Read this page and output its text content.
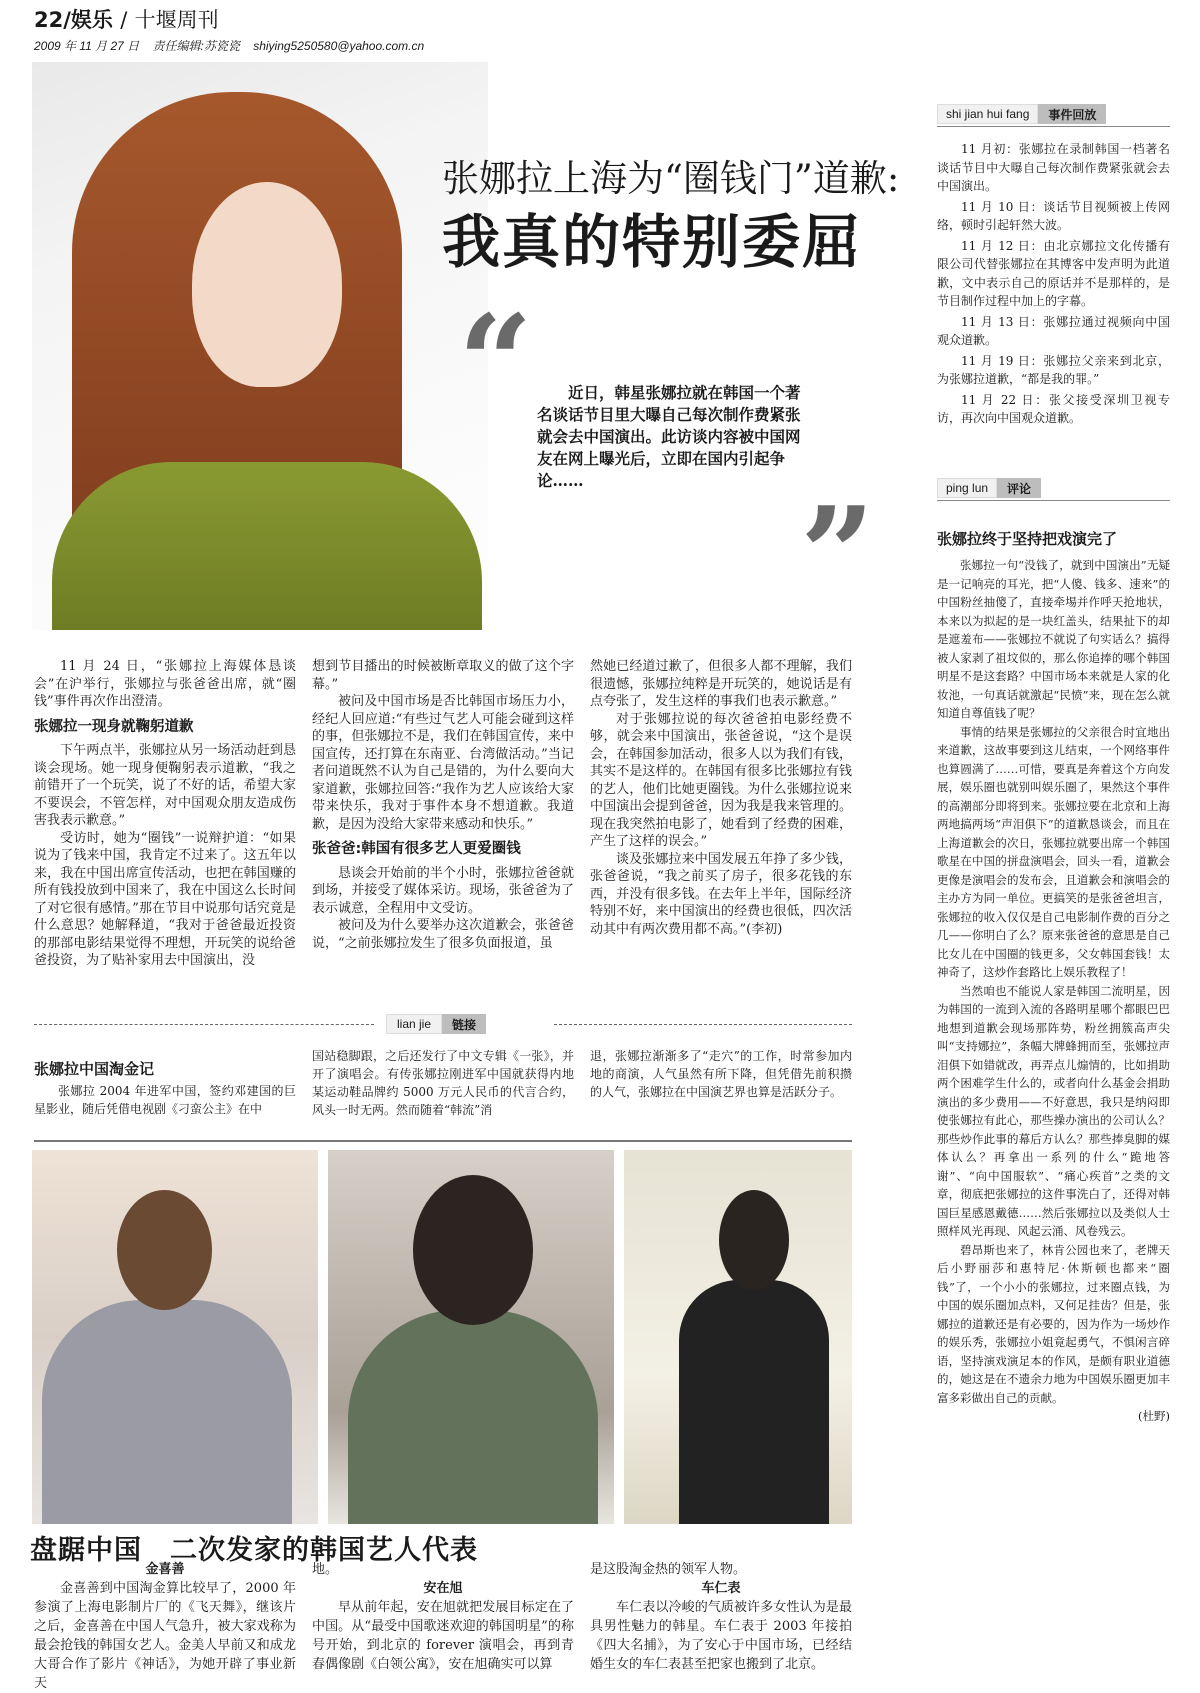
22/娱乐 / 十堰周刊
2009 年 11 月 27 日 责任编辑:苏瓷瓷 shiying5250580@yahoo.com.cn
张娜拉上海为“圈钱门”道歉:
我真的特别委屈
“	近日，韩星张娜拉就在韩国一个著名谈话节目里大曝自己每次制作费紧张就会去中国演出。此访谈内容被中国网友在网上曝光后，立即在国内引起争论……	”

11 月 24 日，“张娜拉上海媒体恳谈会”在沪举行，张娜拉与张爸爸出席，就“圈钱”事件再次作出澄清。

张娜拉一现身就鞠躬道歉

下午两点半，张娜拉从另一场活动赶到恳谈会现场。她一现身便鞠躬表示道歉，“我之前错开了一个玩笑，说了不好的话，希望大家不要误会，不管怎样，对中国观众朋友造成伤害我表示歉意。”

受访时，她为“圈钱”一说辩护道：“如果说为了钱来中国，我肯定不过来了。这五年以来，我在中国出席宣传活动，也把在韩国赚的所有钱投放到中国来了，我在中国这么长时间了对它很有感情。”那在节目中说那句话究竟是什么意思？她解释道，“我对于爸爸最近投资的那部电影结果觉得不理想，开玩笑的说给爸爸投资，为了贴补家用去中国演出，没

想到节目播出的时候被断章取义的做了这个字幕。”

被问及中国市场是否比韩国市场压力小，经纪人回应道:“有些过气艺人可能会碰到这样的事，但张娜拉不是，我们在韩国宣传，来中国宣传，还打算在东南亚、台湾做活动。”当记者问道既然不认为自己是错的，为什么要向大家道歉，张娜拉回答:“我作为艺人应该给大家带来快乐，我对于事件本身不想道歉。我道歉，是因为没给大家带来感动和快乐。”

张爸爸:韩国有很多艺人更爱圈钱

恳谈会开始前的半个小时，张娜拉爸爸就到场，并接受了媒体采访。现场，张爸爸为了表示诚意，全程用中文受访。

被问及为什么要举办这次道歉会，张爸爸说，“之前张娜拉发生了很多负面报道，虽

然她已经道过歉了，但很多人都不理解，我们很遗憾，张娜拉纯粹是开玩笑的，她说话是有点夸张了，发生这样的事我们也表示歉意。”

对于张娜拉说的每次爸爸拍电影经费不够，就会来中国演出，张爸爸说，“这个是误会，在韩国参加活动，很多人以为我们有钱，其实不是这样的。在韩国有很多比张娜拉有钱的艺人，他们比她更圈钱。为什么张娜拉说来中国演出会提到爸爸，因为我是我来管理的。现在我突然拍电影了，她看到了经费的困难，产生了这样的误会。”

谈及张娜拉来中国发展五年挣了多少钱，张爸爸说，“我之前买了房子，很多花钱的东西，并没有很多钱。在去年上半年，国际经济特别不好，来中国演出的经费也很低，四次活动其中有两次费用都不高。”(李初)

lian jie	链接
张娜拉中国淘金记
张娜拉 2004 年进军中国，签约邓建国的巨星影业，随后凭借电视剧《刁蛮公主》在中
国站稳脚跟，之后还发行了中文专辑《一张》，并开了演唱会。有传张娜拉刚进军中国就获得内地某运动鞋品牌约 5000 万元人民币的代言合约，风头一时无两。然而随着“韩流”消
退，张娜拉渐渐多了“走穴”的工作，时常参加内地的商演，人气虽然有所下降，但凭借先前积攒的人气，张娜拉在中国演艺界也算是活跃分子。
盘踞中国　二次发家的韩国艺人代表
金喜善

金喜善到中国淘金算比较早了，2000 年参演了上海电影制片厂的《飞天舞》，继该片之后，金喜善在中国人气急升，被大家戏称为最会抢钱的韩国女艺人。金美人早前又和成龙大哥合作了影片《神话》，为她开辟了事业新天

地。

安在旭

早从前年起，安在旭就把发展目标定在了中国。从“最受中国歌迷欢迎的韩国明星”的称号开始，到北京的 forever 演唱会，再到青春偶像剧《白领公寓》，安在旭确实可以算

是这股淘金热的领军人物。

车仁表

车仁表以冷峻的气质被许多女性认为是最具男性魅力的韩星。车仁表于 2003 年接拍《四大名捕》，为了安心于中国市场，已经结婚生女的车仁表甚至把家也搬到了北京。

shi jian hui fang	事件回放

11 月初：张娜拉在录制韩国一档著名谈话节目中大曝自己每次制作费紧张就会去中国演出。

11 月 10 日：谈话节目视频被上传网络，顿时引起轩然大波。

11 月 12 日：由北京娜拉文化传播有限公司代替张娜拉在其博客中发声明为此道歉，文中表示自己的原话并不是那样的，是节目制作过程中加上的字幕。

11 月 13 日：张娜拉通过视频向中国观众道歉。

11 月 19 日：张娜拉父亲来到北京，为张娜拉道歉，“都是我的罪。”

11 月 22 日：张父接受深圳卫视专访，再次向中国观众道歉。

ping lun	评论
张娜拉终于坚持把戏演完了

张娜拉一句“没钱了，就到中国演出”无疑是一记响亮的耳光，把“人傻、钱多、速来”的中国粉丝抽傻了，直接牵埸并作呼天抢地状，本来以为拟起的是一块红盖头，结果扯下的却是遮羞布——张娜拉不就说了句实话么？搞得被人家剥了祖坟似的，那么你追捧的哪个韩国明星不是这套路？中国市场本来就是人家的化妆池，一句真话就激起“民愤”来，现在怎么就知道自尊值钱了呢？

事情的结果是张娜拉的父亲很合时宜地出来道歉，这故事要到这儿结束，一个网络事件也算圆满了……可惜，要真是奔着这个方向发展，娱乐圈也就别叫娱乐圈了，果然这个事件的高潮部分即将到来。张娜拉要在北京和上海两地搞两场“声泪俱下”的道歉恳谈会，而且在上海道歉会的次日，张娜拉就要出席一个韩国歌星在中国的拼盘演唱会，回头一看，道歉会更像是演唱会的发布会，且道歉会和演唱会的主办方为同一单位。更搞笑的是张爸爸坦言，张娜拉的收入仅仅是自己电影制作费的百分之几——你明白了么？原来张爸爸的意思是自己比女儿在中国圈的钱更多，父女韩国套钱！太神奇了，这炒作套路比上娱乐教程了！

当然咱也不能说人家是韩国二流明星，因为韩国的一流到入流的各路明星哪个都眼巴巴地想到道歉会现场那阵势，粉丝拥簇高声尖叫“支持娜拉”，条幅大牌蜂拥而至，张娜拉声泪俱下如错就改，再弄点儿煽情的，比如捐助两个困难学生什么的，或者向什么基金会捐助演出的多少费用——不好意思，我只是纳闷即使张娜拉有此心，那些操办演出的公司认么？那些炒作此事的幕后方认么？那些捧臭脚的媒体认么？再拿出一系列的什么“跪地答谢”、“向中国服软”、“痛心疾首”之类的文章，彻底把张娜拉的这件事洗白了，还得对韩国巨星感恩戴德……然后张娜拉以及类似人士照样风光再现、风起云涌、风卷残云。

碧昂斯也来了，林肯公园也来了，老牌天后小野丽莎和惠特尼·休斯顿也都来“圈钱”了，一个小小的张娜拉，过来圈点钱，为中国的娱乐圈加点料，又何足挂齿？但是，张娜拉的道歉还是有必要的，因为作为一场炒作的娱乐秀，张娜拉小姐竟起勇气，不惧闲言碎语，坚持演戏演足本的作风，是颇有职业道德的，她这是在不遗余力地为中国娱乐圈更加丰富多彩做出自己的贡献。

(杜野)
